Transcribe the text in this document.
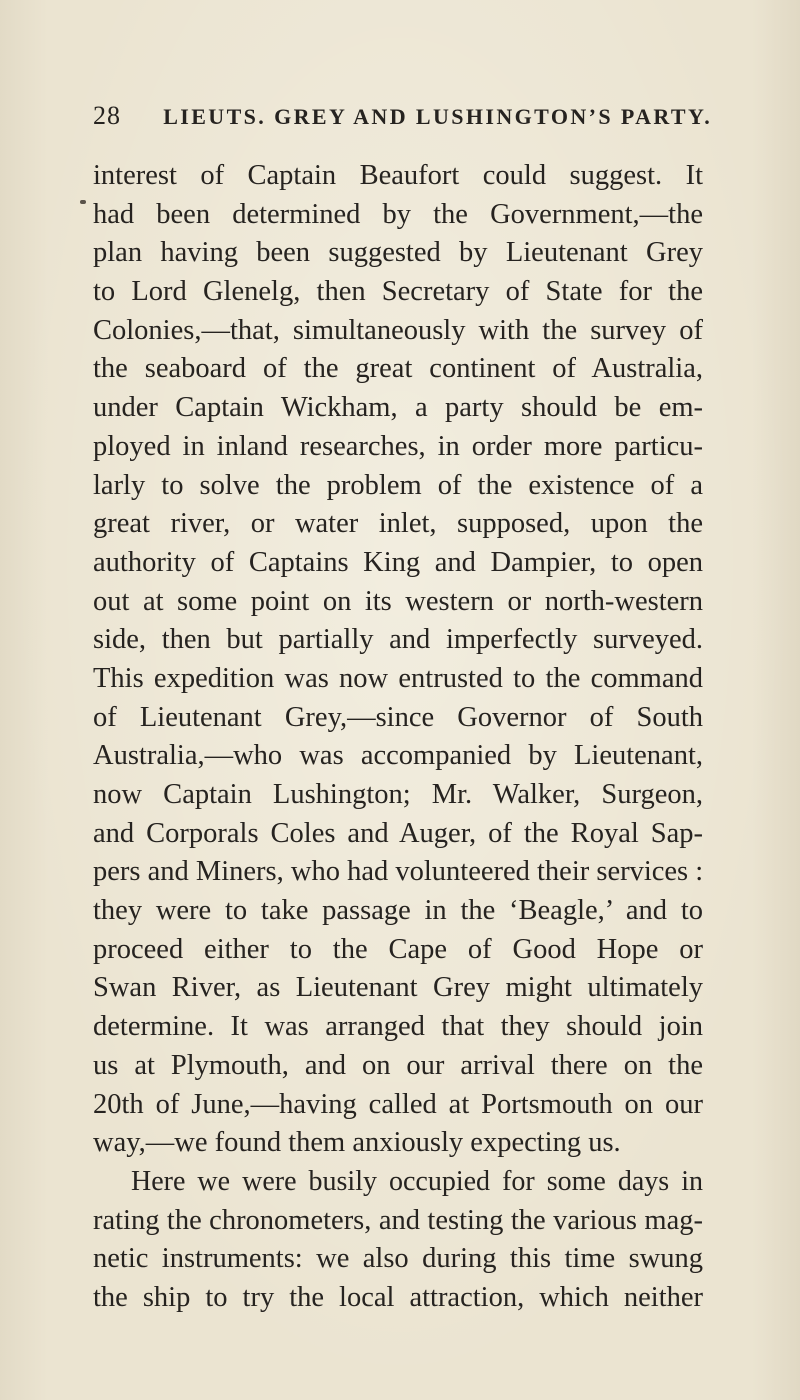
28 LIEUTS. GREY AND LUSHINGTON’S PARTY.
interest of Captain Beaufort could suggest. It
had been determined by the Government,—the
plan having been suggested by Lieutenant Grey
to Lord Glenelg, then Secretary of State for the
Colonies,—that, simultaneously with the survey of
the seaboard of the great continent of Australia,
under Captain Wickham, a party should be em-
ployed in inland researches, in order more particu-
larly to solve the problem of the existence of a
great river, or water inlet, supposed, upon the
authority of Captains King and Dampier, to open
out at some point on its western or north-western
side, then but partially and imperfectly surveyed.
This expedition was now entrusted to the command
of Lieutenant Grey,—since Governor of South
Australia,—who was accompanied by Lieutenant,
now Captain Lushington; Mr. Walker, Surgeon,
and Corporals Coles and Auger, of the Royal Sap-
pers and Miners, who had volunteered their services :
they were to take passage in the ‘Beagle,’ and to
proceed either to the Cape of Good Hope or
Swan River, as Lieutenant Grey might ultimately
determine. It was arranged that they should join
us at Plymouth, and on our arrival there on the
20th of June,—having called at Portsmouth on our
way,—we found them anxiously expecting us.
Here we were busily occupied for some days in
rating the chronometers, and testing the various mag-
netic instruments: we also during this time swung
the ship to try the local attraction, which neither
